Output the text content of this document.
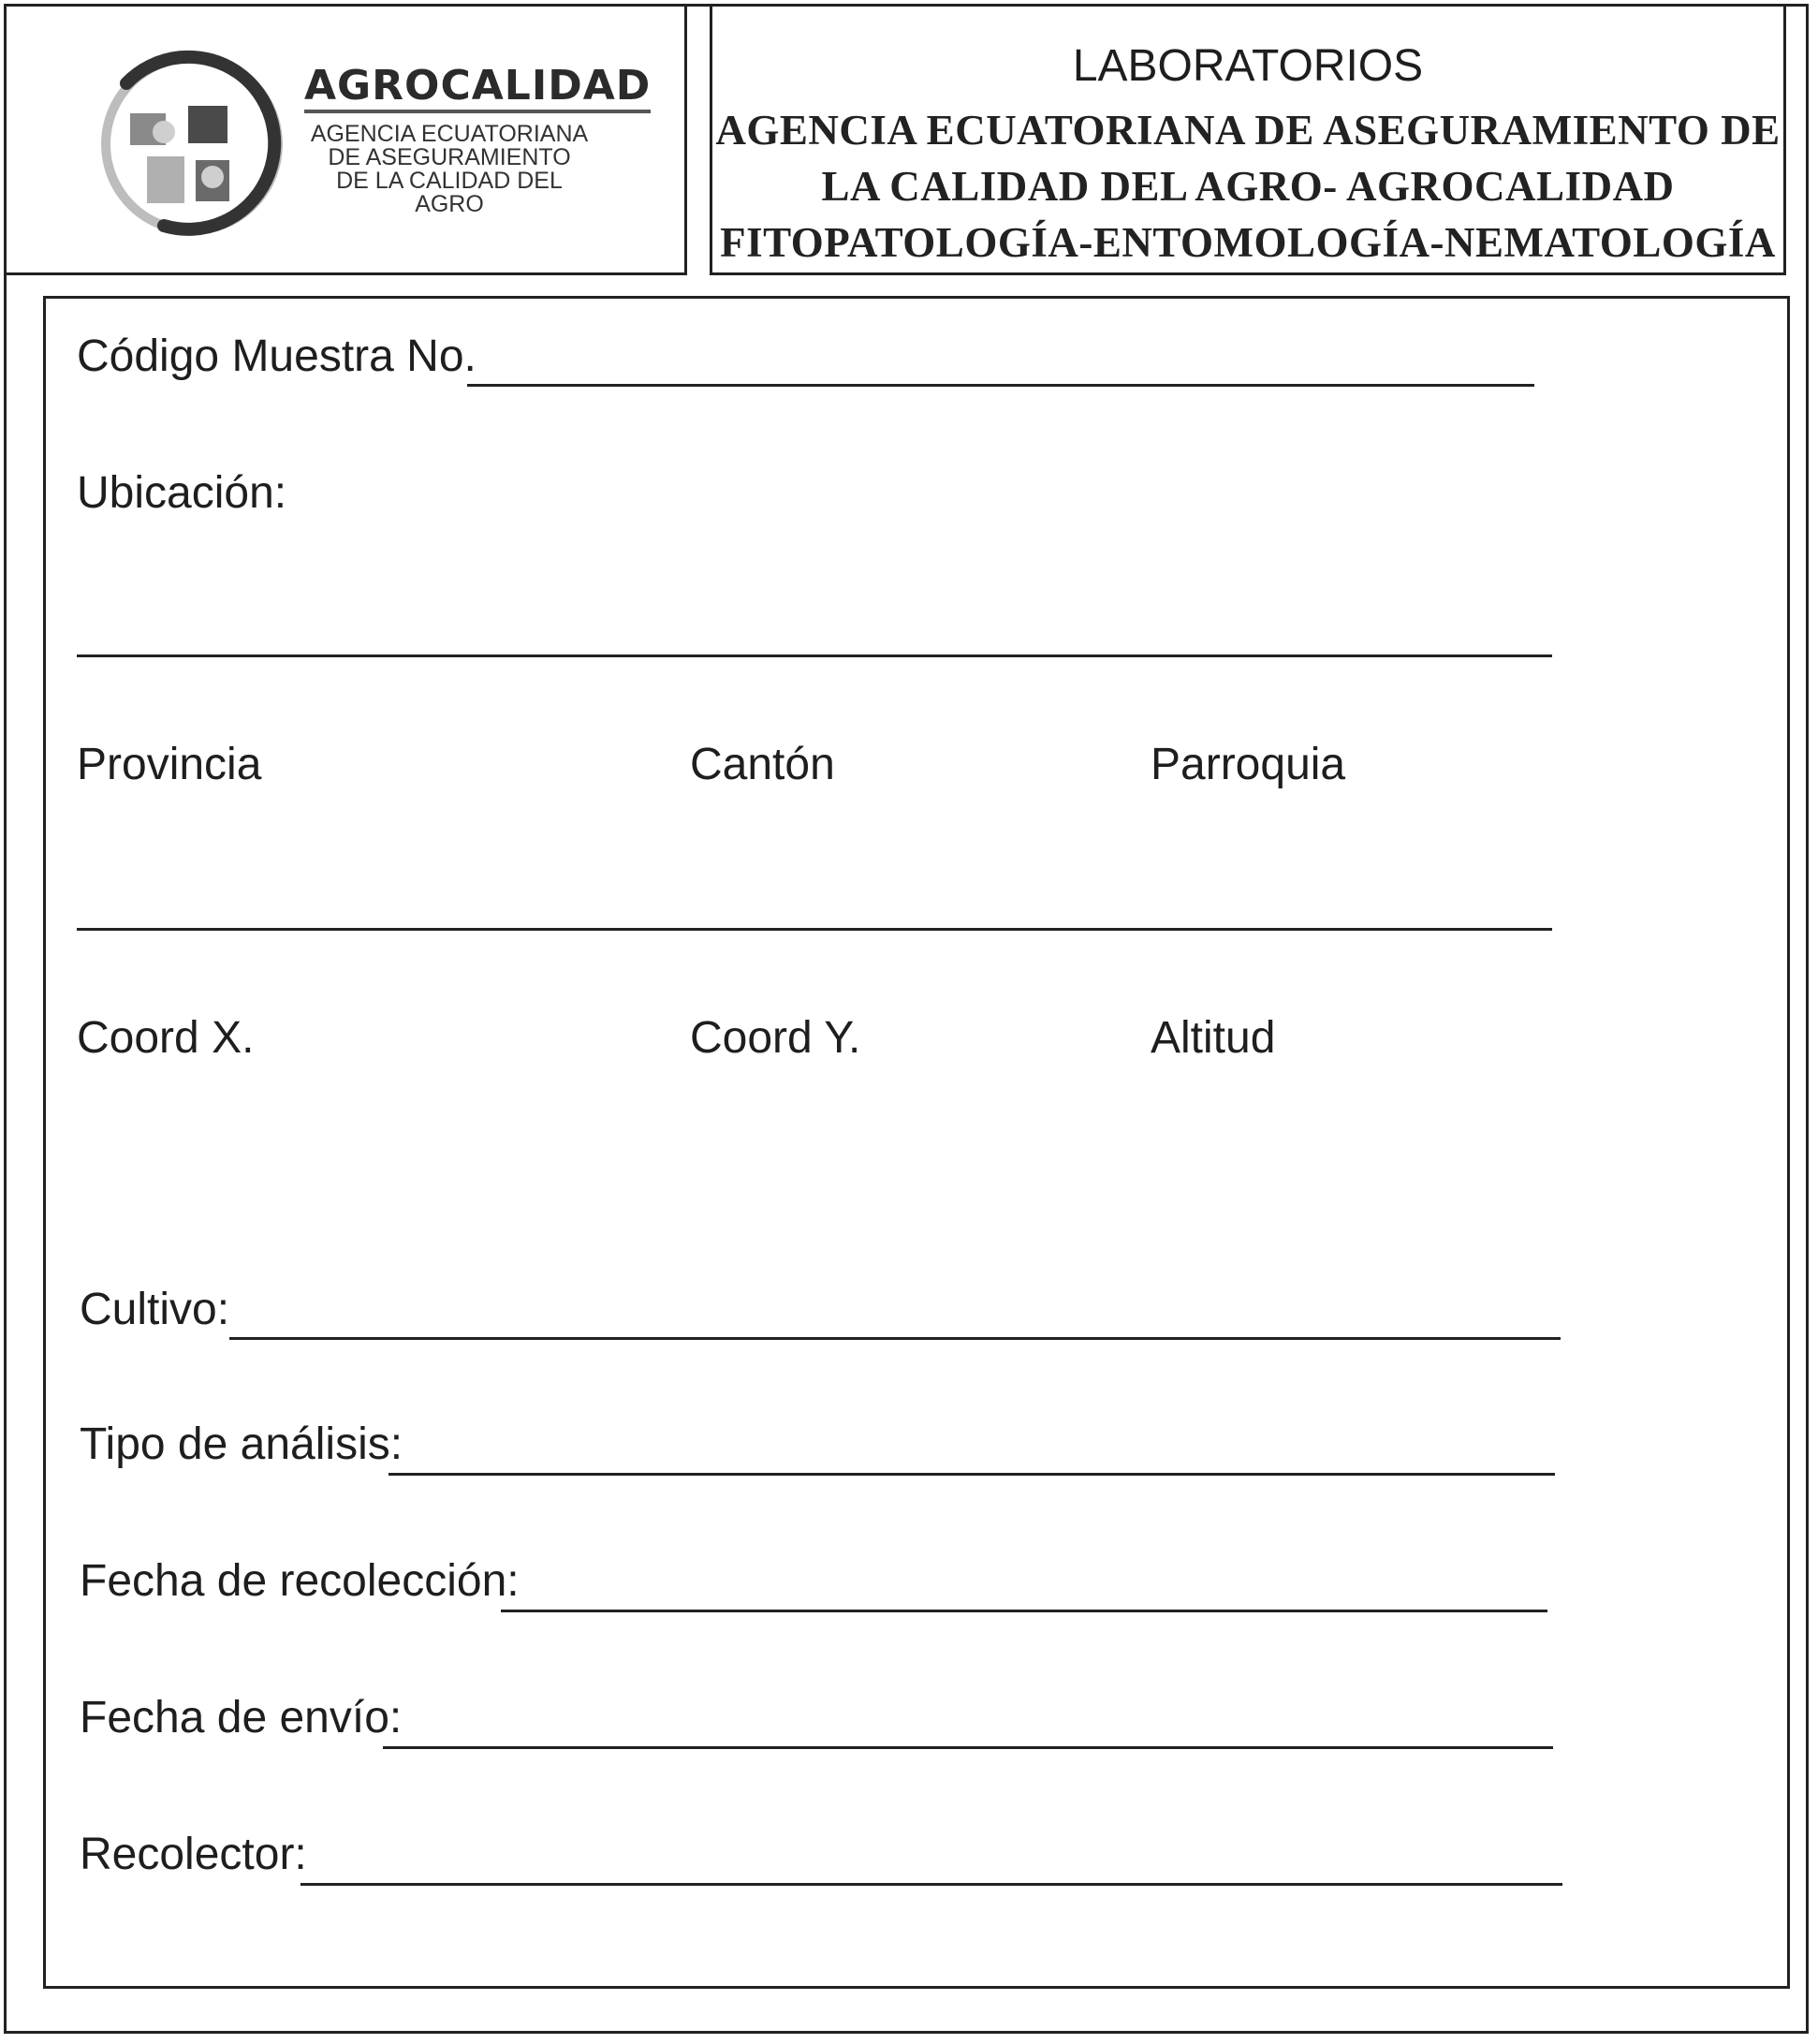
AGROCALIDAD
AGENCIA ECUATORIANA
DE ASEGURAMIENTO
DE LA CALIDAD DEL AGRO
LABORATORIOS
AGENCIA ECUATORIANA DE ASEGURAMIENTO DE
LA CALIDAD DEL AGRO- AGROCALIDAD
FITOPATOLOGÍA-ENTOMOLOGÍA-NEMATOLOGÍA
Código Muestra No.
Ubicación:
Provincia	Cantón	Parroquia
Coord X.	Coord Y.	Altitud
Cultivo:
Tipo de análisis:
Fecha de recolección:
Fecha de envío:
Recolector:
